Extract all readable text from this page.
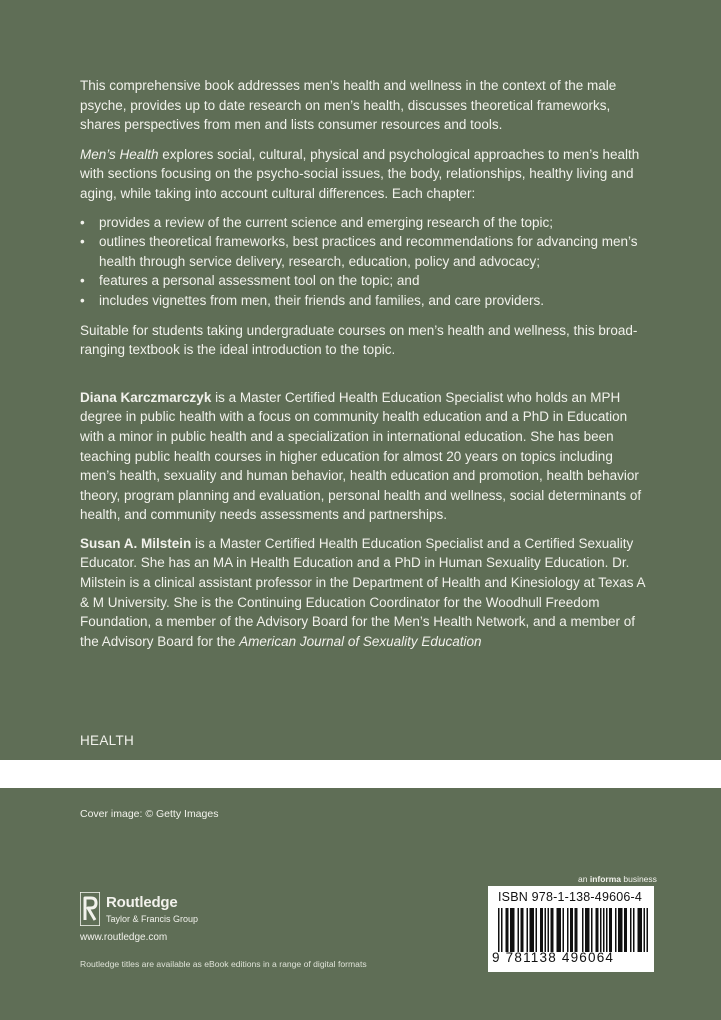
This comprehensive book addresses men’s health and wellness in the context of the male psyche, provides up to date research on men’s health, discusses theoretical frameworks, shares perspectives from men and lists consumer resources and tools.

Men’s Health explores social, cultural, physical and psychological approaches to men’s health with sections focusing on the psycho-social issues, the body, relationships, healthy living and aging, while taking into account cultural differences. Each chapter:

• provides a review of the current science and emerging research of the topic;
• outlines theoretical frameworks, best practices and recommendations for advancing men’s health through service delivery, research, education, policy and advocacy;
• features a personal assessment tool on the topic; and
• includes vignettes from men, their friends and families, and care providers.

Suitable for students taking undergraduate courses on men’s health and wellness, this broad-ranging textbook is the ideal introduction to the topic.

Diana Karczmarczyk is a Master Certified Health Education Specialist who holds an MPH degree in public health with a focus on community health education and a PhD in Education with a minor in public health and a specialization in international education. She has been teaching public health courses in higher education for almost 20 years on topics including men’s health, sexuality and human behavior, health education and promotion, health behavior theory, program planning and evaluation, personal health and wellness, social determinants of health, and community needs assessments and partnerships.

Susan A. Milstein is a Master Certified Health Education Specialist and a Certified Sexuality Educator. She has an MA in Health Education and a PhD in Human Sexuality Education. Dr. Milstein is a clinical assistant professor in the Department of Health and Kinesiology at Texas A & M University. She is the Continuing Education Coordinator for the Woodhull Freedom Foundation, a member of the Advisory Board for the Men’s Health Network, and a member of the Advisory Board for the American Journal of Sexuality Education

HEALTH
Cover image: © Getty Images
Routledge
Taylor & Francis Group
www.routledge.com
Routledge titles are available as eBook editions in a range of digital formats
an informa business
ISBN 978-1-138-49606-4
9 781138 496064
